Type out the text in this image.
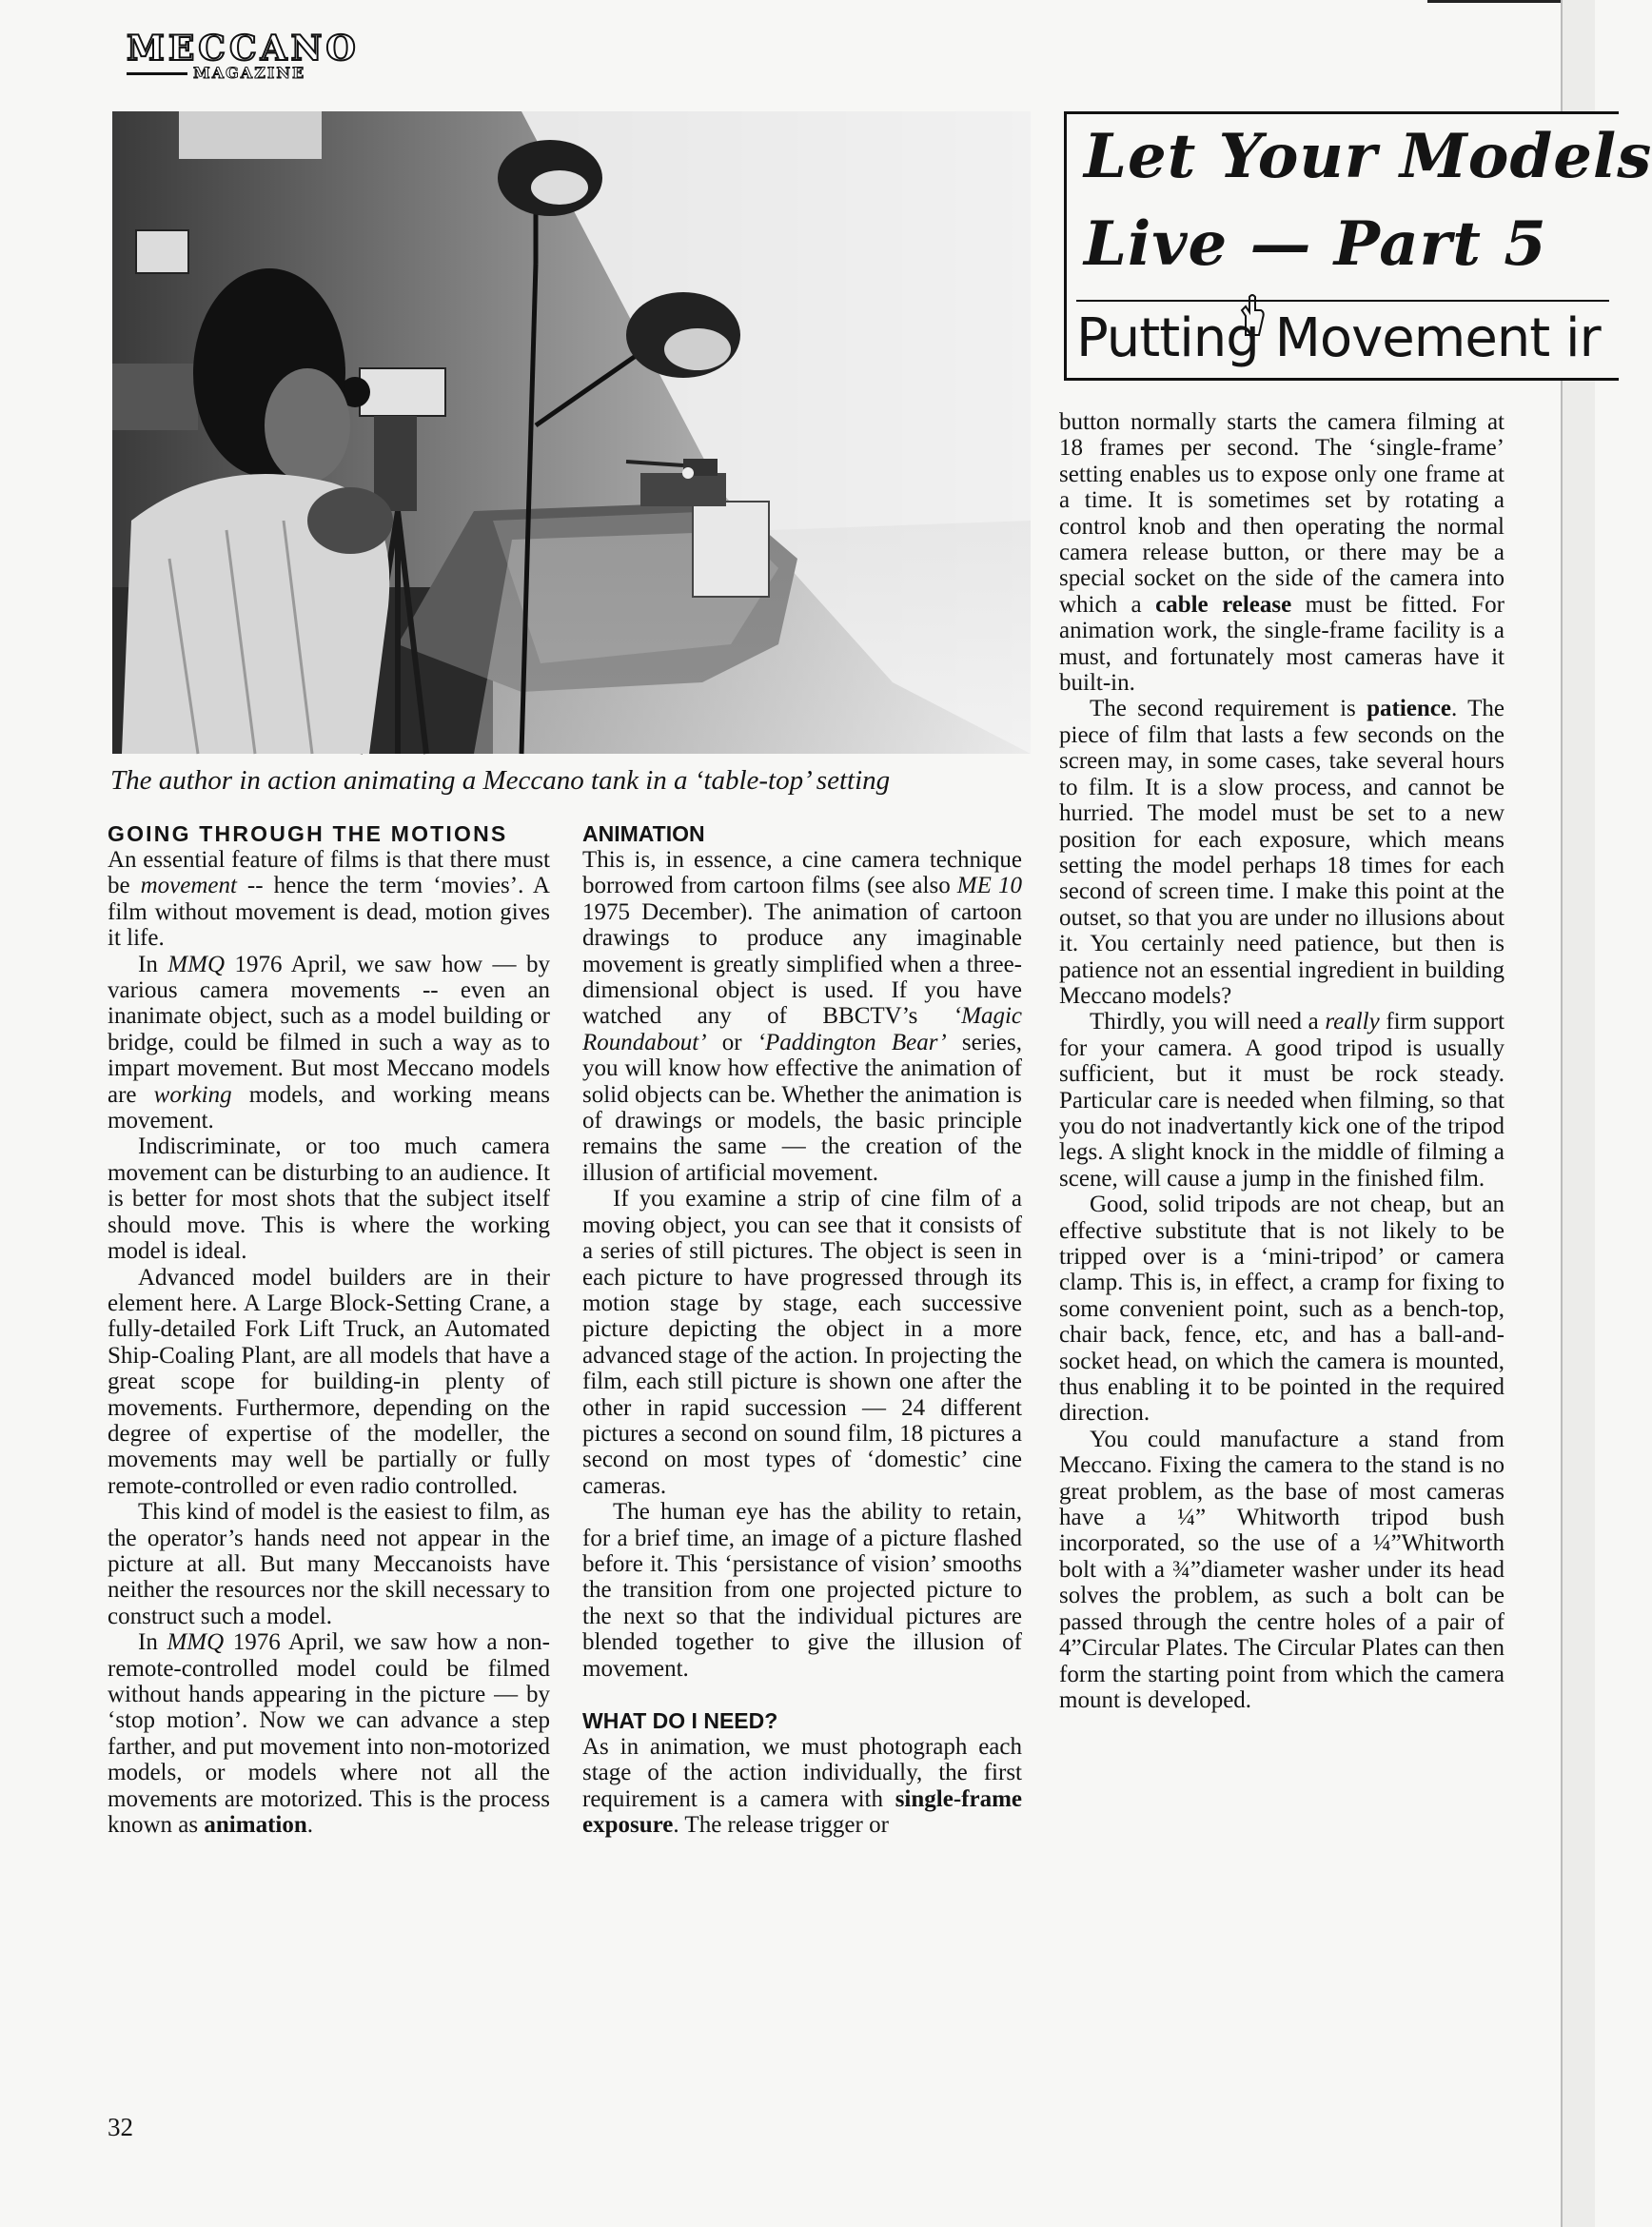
MECCANO
MAGAZINE
The author in action animating a Meccano tank in a ‘table-top’ setting
Let Your Models
Live — Part 5
Putting Movement ir
GOING THROUGH THE MOTIONS

An essential feature of films is that there must be movement -- hence the term ‘movies’. A film without movement is dead, motion gives it life.

In MMQ 1976 April, we saw how — by various camera movements -- even an inanimate object, such as a model building or bridge, could be filmed in such a way as to impart movement. But most Meccano models are working models, and working means movement.

Indiscriminate, or too much camera movement can be disturbing to an audience. It is better for most shots that the subject itself should move. This is where the working model is ideal.

Advanced model builders are in their element here. A Large Block-Setting Crane, a fully-detailed Fork Lift Truck, an Automated Ship-Coaling Plant, are all models that have a great scope for building-in plenty of movements. Furthermore, depending on the degree of expertise of the modeller, the movements may well be partially or fully remote-controlled or even radio controlled.

This kind of model is the easiest to film, as the operator’s hands need not appear in the picture at all. But many Meccanoists have neither the resources nor the skill necessary to construct such a model.

In MMQ 1976 April, we saw how a non-remote-controlled model could be filmed without hands appearing in the picture — by ‘stop motion’. Now we can advance a step farther, and put movement into non-motorized models, or models where not all the movements are motorized. This is the process known as animation.

ANIMATION

This is, in essence, a cine camera technique borrowed from cartoon films (see also ME 10 1975 December). The animation of cartoon drawings to produce any imaginable movement is greatly simplified when a three-dimensional object is used. If you have watched any of BBCTV’s ‘Magic Roundabout’ or ‘Paddington Bear’ series, you will know how effective the animation of solid objects can be. Whether the animation is of drawings or models, the basic principle remains the same — the creation of the illusion of artificial movement.

If you examine a strip of cine film of a moving object, you can see that it consists of a series of still pictures. The object is seen in each picture to have progressed through its motion stage by stage, each successive picture depicting the object in a more advanced stage of the action. In projecting the film, each still picture is shown one after the other in rapid succession — 24 different pictures a second on sound film, 18 pictures a second on most types of ‘domestic’ cine cameras.

The human eye has the ability to retain, for a brief time, an image of a picture flashed before it. This ‘persistance of vision’ smooths the transition from one projected picture to the next so that the individual pictures are blended together to give the illusion of movement.

WHAT DO I NEED?

As in animation, we must photograph each stage of the action individually, the first requirement is a camera with single-frame exposure. The release trigger or

button normally starts the camera filming at 18 frames per second. The ‘single-frame’ setting enables us to expose only one frame at a time. It is sometimes set by rotating a control knob and then operating the normal camera release button, or there may be a special socket on the side of the camera into which a cable release must be fitted. For animation work, the single-frame facility is a must, and fortunately most cameras have it built-in.

The second requirement is patience. The piece of film that lasts a few seconds on the screen may, in some cases, take several hours to film. It is a slow process, and cannot be hurried. The model must be set to a new position for each exposure, which means setting the model perhaps 18 times for each second of screen time. I make this point at the outset, so that you are under no illusions about it. You certainly need patience, but then is patience not an essential ingredient in building Meccano models?

Thirdly, you will need a really firm support for your camera. A good tripod is usually sufficient, but it must be rock steady. Particular care is needed when filming, so that you do not inadvertantly kick one of the tripod legs. A slight knock in the middle of filming a scene, will cause a jump in the finished film.

Good, solid tripods are not cheap, but an effective substitute that is not likely to be tripped over is a ‘mini-tripod’ or camera clamp. This is, in effect, a cramp for fixing to some convenient point, such as a bench-top, chair back, fence, etc, and has a ball-and-socket head, on which the camera is mounted, thus enabling it to be pointed in the required direction.

You could manufacture a stand from Meccano. Fixing the camera to the stand is no great problem, as the base of most cameras have a ¼” Whitworth tripod bush incorporated, so the use of a ¼”Whitworth bolt with a ¾”diameter washer under its head solves the problem, as such a bolt can be passed through the centre holes of a pair of 4”Circular Plates. The Circular Plates can then form the starting point from which the camera mount is developed.

32
